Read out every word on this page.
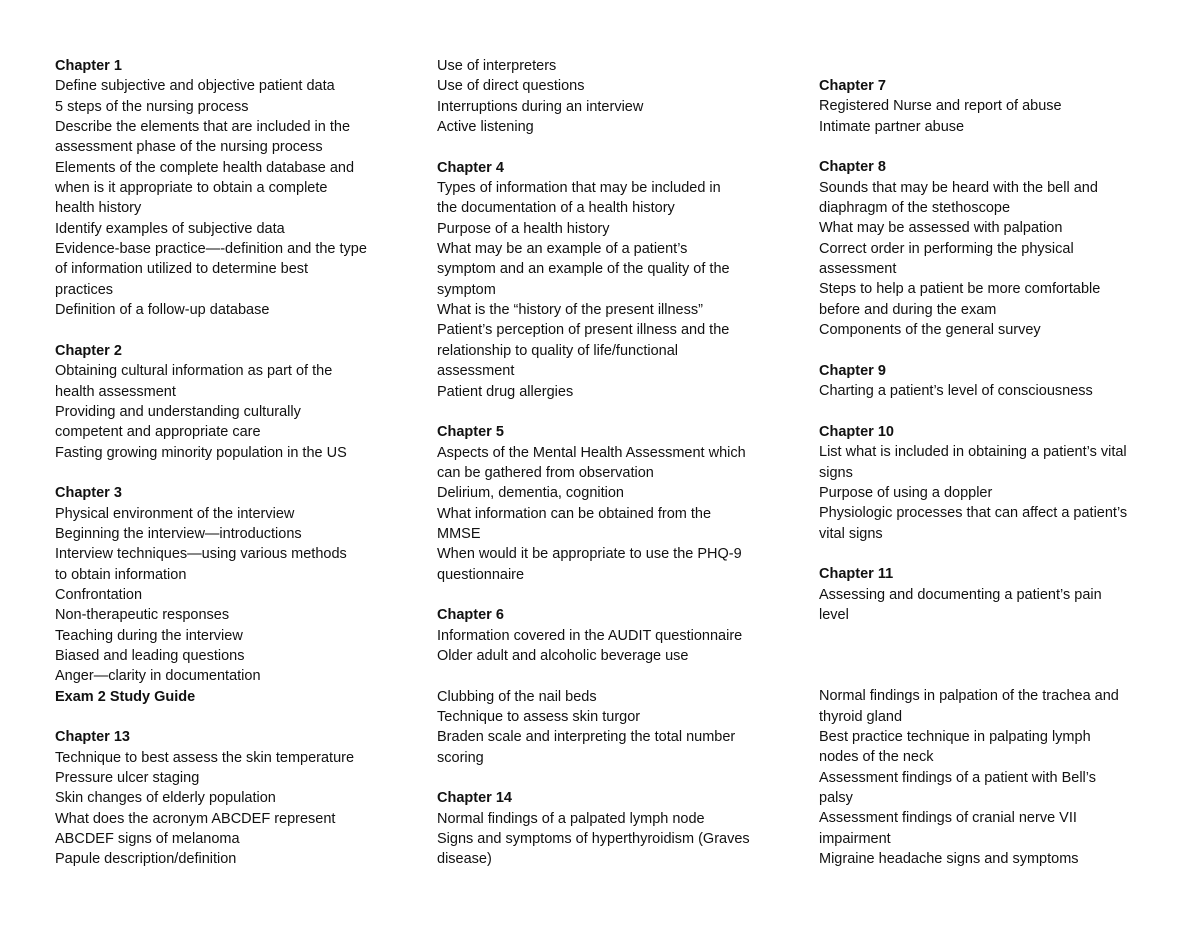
Chapter 1
Define subjective and objective patient data
5 steps of the nursing process
Describe the elements that are included in the
assessment phase of the nursing process
Elements of the complete health database and
when is it appropriate to obtain a complete
health history
Identify examples of subjective data
Evidence-base practice—-definition and the type
of information utilized to determine best
practices
Definition of a follow-up database
Chapter 2
Obtaining cultural information as part of the
health assessment
Providing and understanding culturally
competent and appropriate care
Fasting growing minority population in the US
Chapter 3
Physical environment of the interview
Beginning the interview—introductions
Interview techniques—using various methods
to obtain information
Confrontation
Non-therapeutic responses
Teaching during the interview
Biased and leading questions
Anger—clarity in documentation
Exam 2 Study Guide
Chapter 13
Technique to best assess the skin temperature
Pressure ulcer staging
Skin changes of elderly population
What does the acronym ABCDEF represent
ABCDEF signs of melanoma
Papule description/definition
Use of interpreters
Use of direct questions
Interruptions during an interview
Active listening
Chapter 4
Types of information that may be included in
the documentation of a health history
Purpose of a health history
What may be an example of a patient’s
symptom and an example of the quality of the
symptom
What is the “history of the present illness”
Patient’s perception of present illness and the
relationship to quality of life/functional
assessment
Patient drug allergies
Chapter 5
Aspects of the Mental Health Assessment which
can be gathered from observation
Delirium, dementia, cognition
What information can be obtained from the
MMSE
When would it be appropriate to use the PHQ-9
questionnaire
Chapter 6
Information covered in the AUDIT questionnaire
Older adult and alcoholic beverage use
Clubbing of the nail beds
Technique to assess skin turgor
Braden scale and interpreting the total number
scoring
Chapter 14
Normal findings of a palpated lymph node
Signs and symptoms of hyperthyroidism (Graves
disease)
Chapter 7
Registered Nurse and report of abuse
Intimate partner abuse
Chapter 8
Sounds that may be heard with the bell and
diaphragm of the stethoscope
What may be assessed with palpation
Correct order in performing the physical
assessment
Steps to help a patient be more comfortable
before and during the exam
Components of the general survey
Chapter 9
Charting a patient’s level of consciousness
Chapter 10
List what is included in obtaining a patient’s vital
signs
Purpose of using a doppler
Physiologic processes that can affect a patient’s
vital signs
Chapter 11
Assessing and documenting a patient’s pain
level
Normal findings in palpation of the trachea and
thyroid gland
Best practice technique in palpating lymph
nodes of the neck
Assessment findings of a patient with Bell’s
palsy
Assessment findings of cranial nerve VII
impairment
Migraine headache signs and symptoms
